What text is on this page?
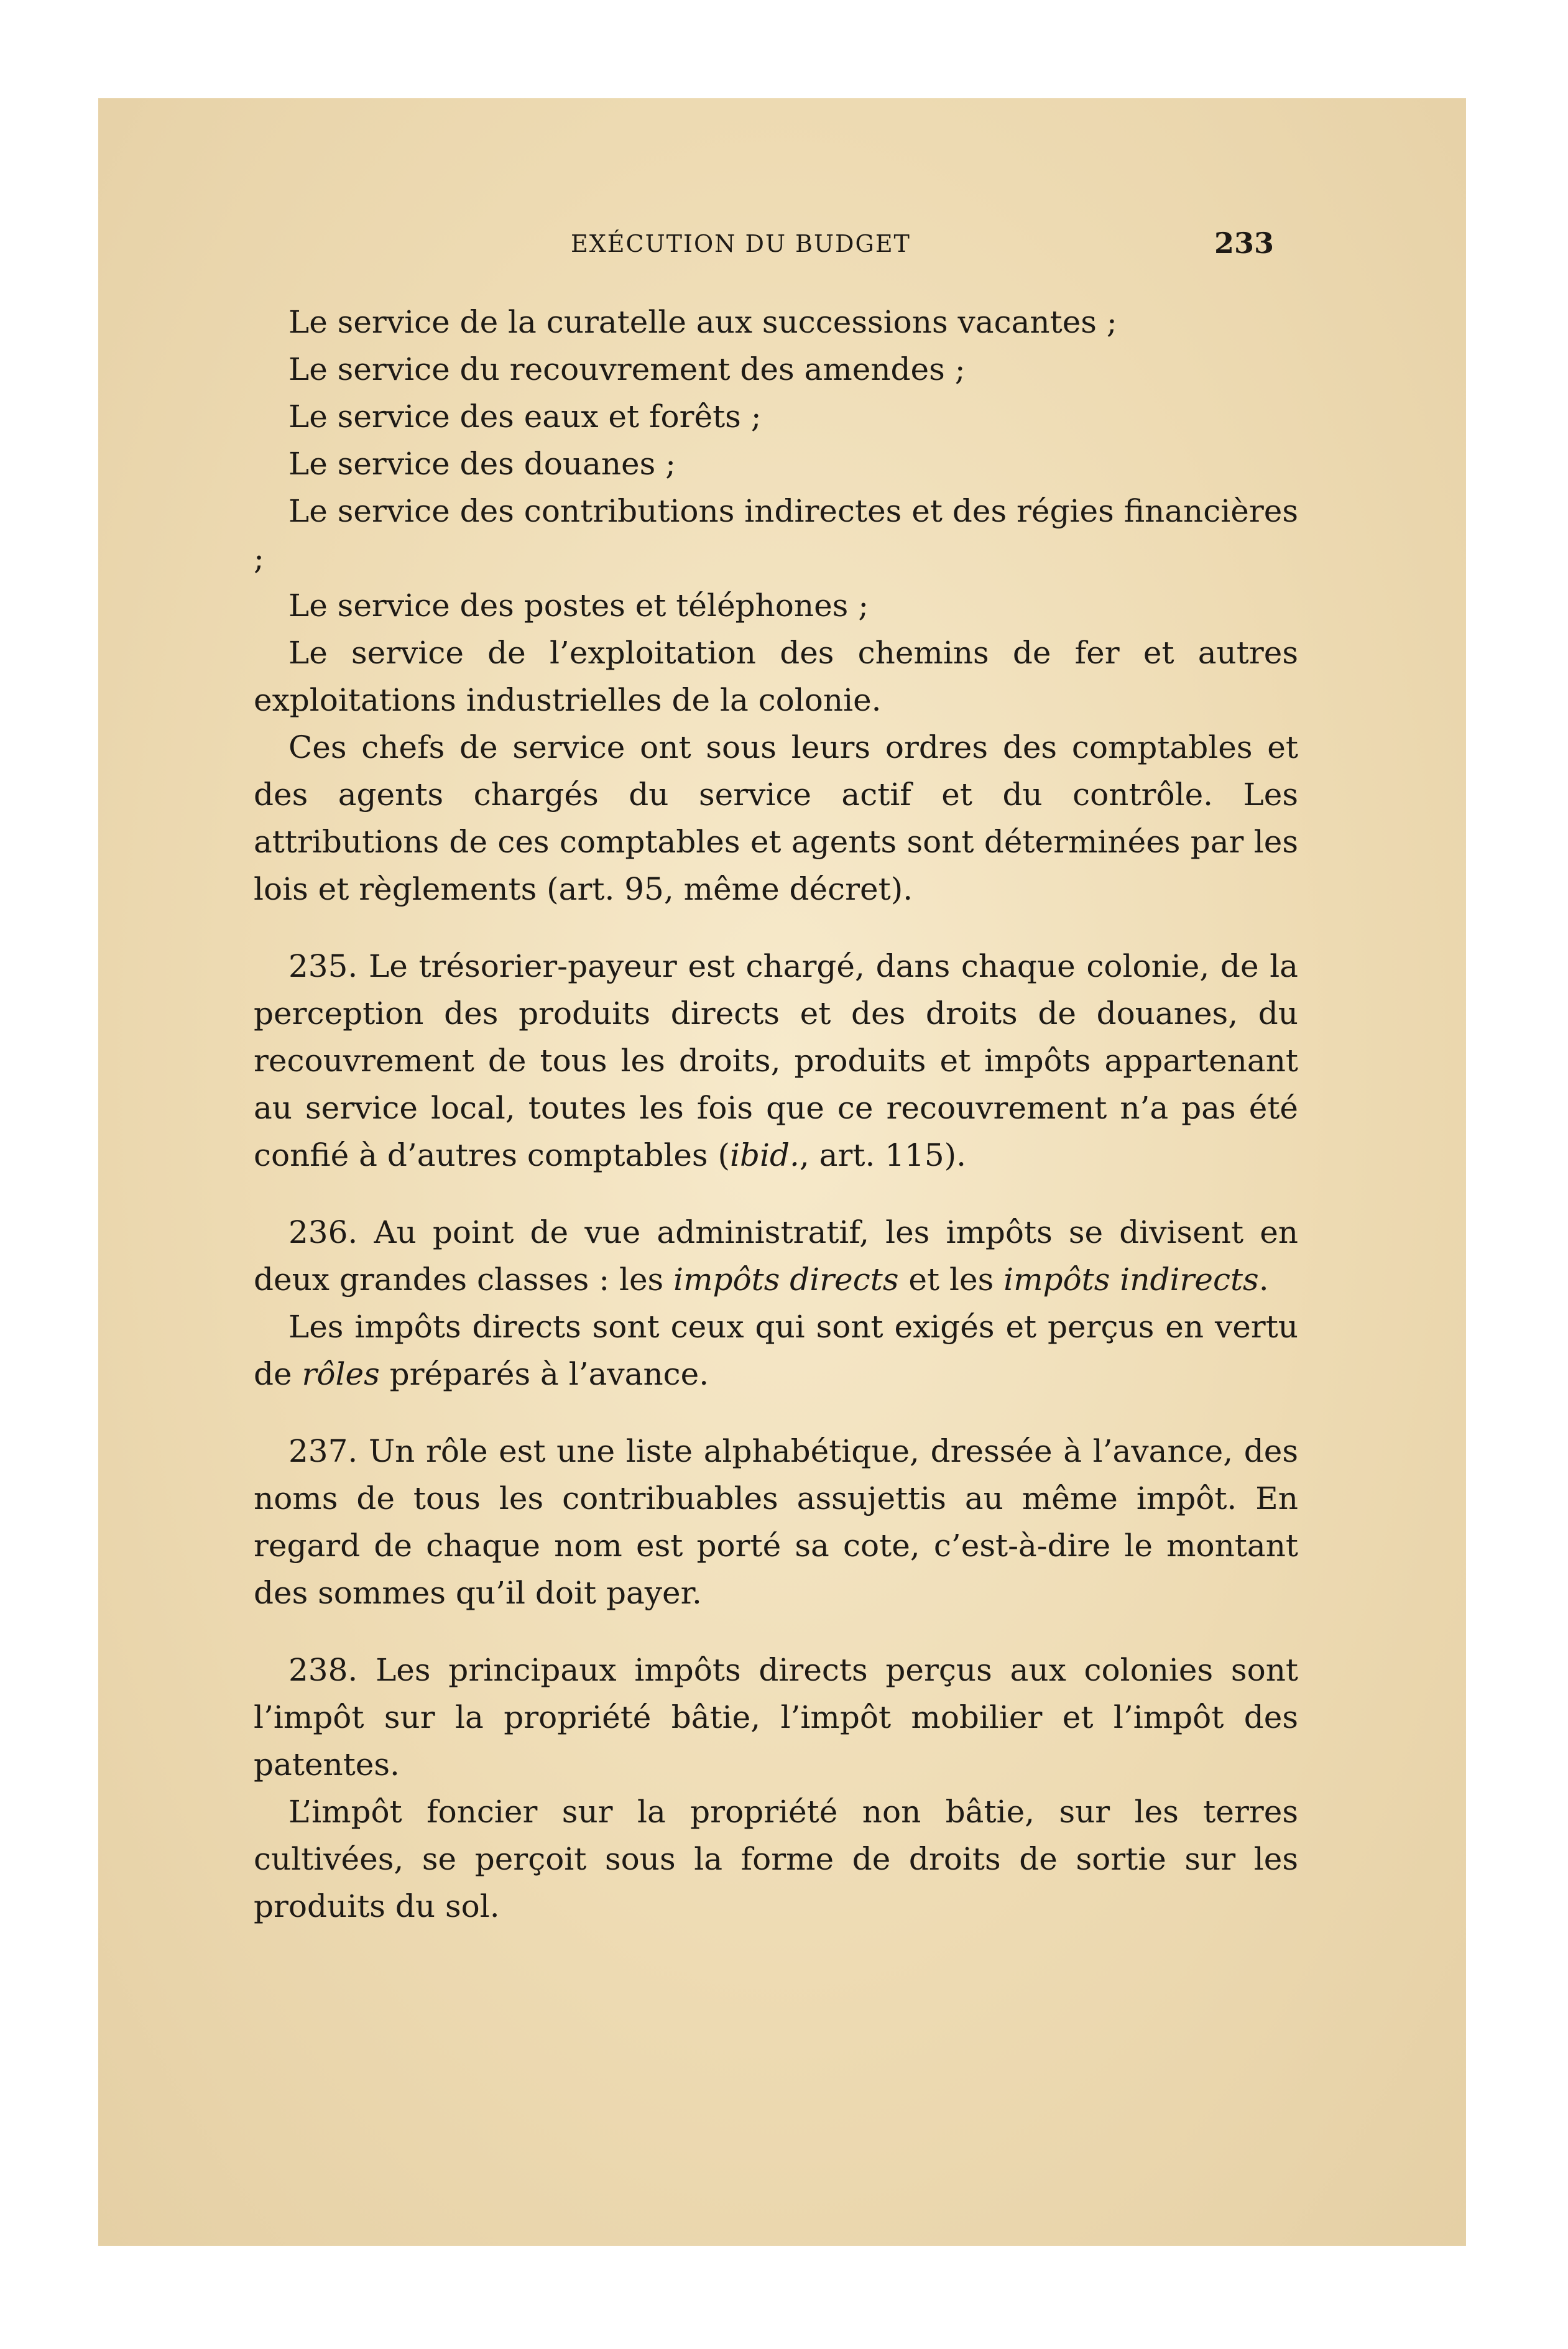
EXÉCUTION DU BUDGET	233

Le service de la curatelle aux successions vacantes ;

Le service du recouvrement des amendes ;

Le service des eaux et forêts ;

Le service des douanes ;

Le service des contributions indirectes et des régies financières ;

Le service des postes et téléphones ;

Le service de l’exploitation des chemins de fer et autres exploitations industrielles de la colonie.

Ces chefs de service ont sous leurs ordres des comptables et des agents chargés du service actif et du contrôle. Les attributions de ces comptables et agents sont déterminées par les lois et règlements (art. 95, même décret).

235. Le trésorier-payeur est chargé, dans chaque colonie, de la perception des produits directs et des droits de douanes, du recouvrement de tous les droits, produits et impôts appartenant au service local, toutes les fois que ce recouvrement n’a pas été confié à d’autres comptables (ibid., art. 115).

236. Au point de vue administratif, les impôts se divisent en deux grandes classes : les impôts directs et les impôts indirects.

Les impôts directs sont ceux qui sont exigés et perçus en vertu de rôles préparés à l’avance.

237. Un rôle est une liste alphabétique, dressée à l’avance, des noms de tous les contribuables assujettis au même impôt. En regard de chaque nom est porté sa cote, c’est-à-dire le montant des sommes qu’il doit payer.

238. Les principaux impôts directs perçus aux colonies sont l’impôt sur la propriété bâtie, l’impôt mobilier et l’impôt des patentes.

L’impôt foncier sur la propriété non bâtie, sur les terres cultivées, se perçoit sous la forme de droits de sortie sur les produits du sol.
